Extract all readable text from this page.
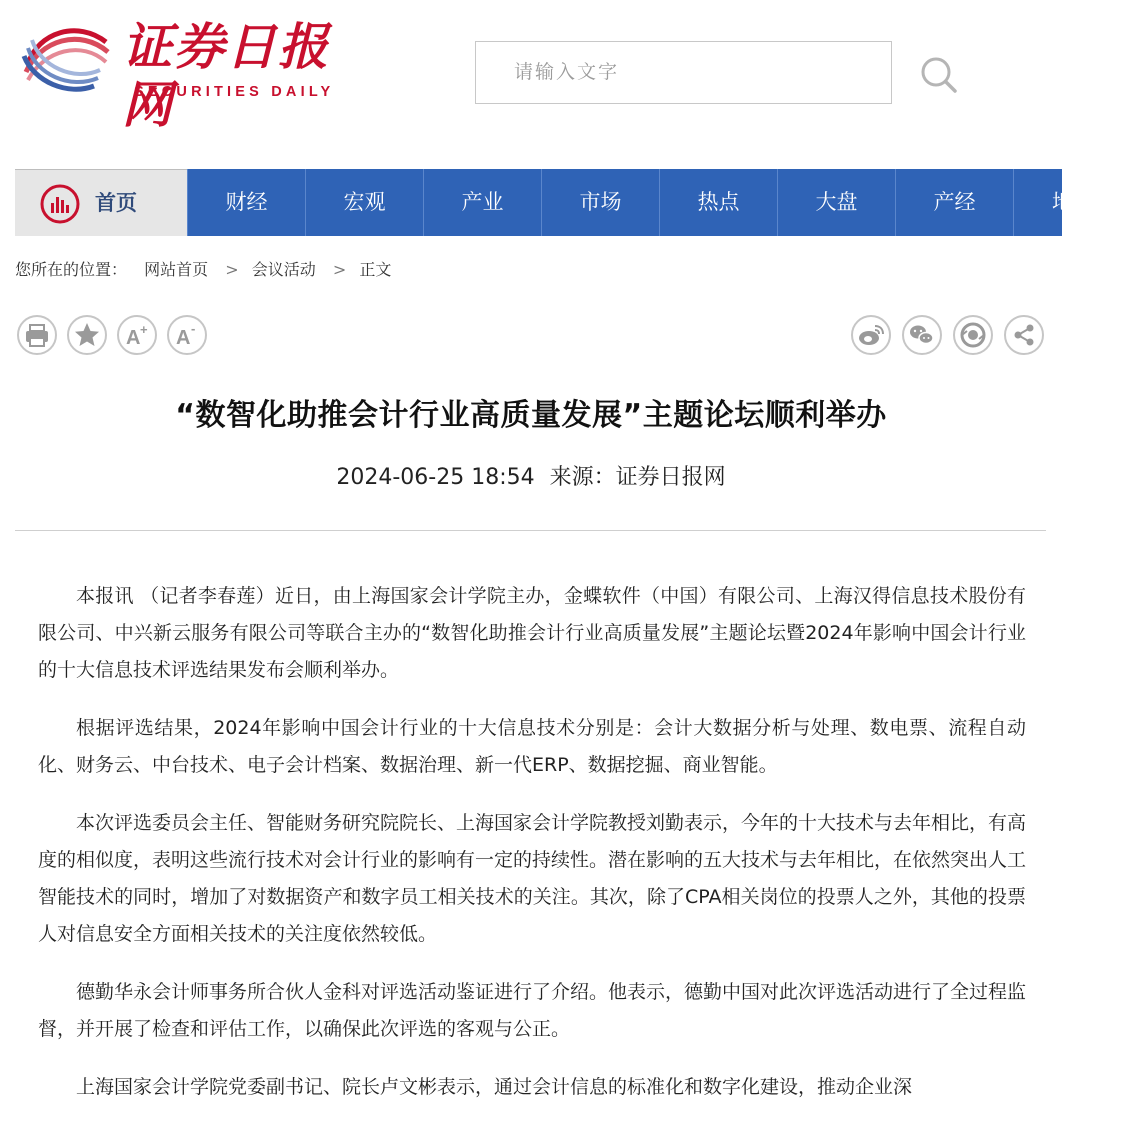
证券日报网
SECURITIES DAILY
请输入文字
首页	财经	宏观	产业	市场	热点	大盘	产经	地
您所在的位置： 网站首页 > 会议活动 > 正文
A + A -
“数智化助推会计行业高质量发展”主题论坛顺利举办
2024-06-25 18:54 来源：证券日报网

本报讯 （记者李春莲）近日，由上海国家会计学院主办，金蝶软件（中国）有限公司、上海汉得信息技术股份有限公司、中兴新云服务有限公司等联合主办的“数智化助推会计行业高质量发展”主题论坛暨2024年影响中国会计行业的十大信息技术评选结果发布会顺利举办。

根据评选结果，2024年影响中国会计行业的十大信息技术分别是：会计大数据分析与处理、数电票、流程自动化、财务云、中台技术、电子会计档案、数据治理、新一代ERP、数据挖掘、商业智能。

本次评选委员会主任、智能财务研究院院长、上海国家会计学院教授刘勤表示，今年的十大技术与去年相比，有高度的相似度，表明这些流行技术对会计行业的影响有一定的持续性。潜在影响的五大技术与去年相比，在依然突出人工智能技术的同时，增加了对数据资产和数字员工相关技术的关注。其次，除了CPA相关岗位的投票人之外，其他的投票人对信息安全方面相关技术的关注度依然较低。

德勤华永会计师事务所合伙人金科对评选活动鉴证进行了介绍。他表示，德勤中国对此次评选活动进行了全过程监督，并开展了检查和评估工作，以确保此次评选的客观与公正。

上海国家会计学院党委副书记、院长卢文彬表示，通过会计信息的标准化和数字化建设，推动企业深
